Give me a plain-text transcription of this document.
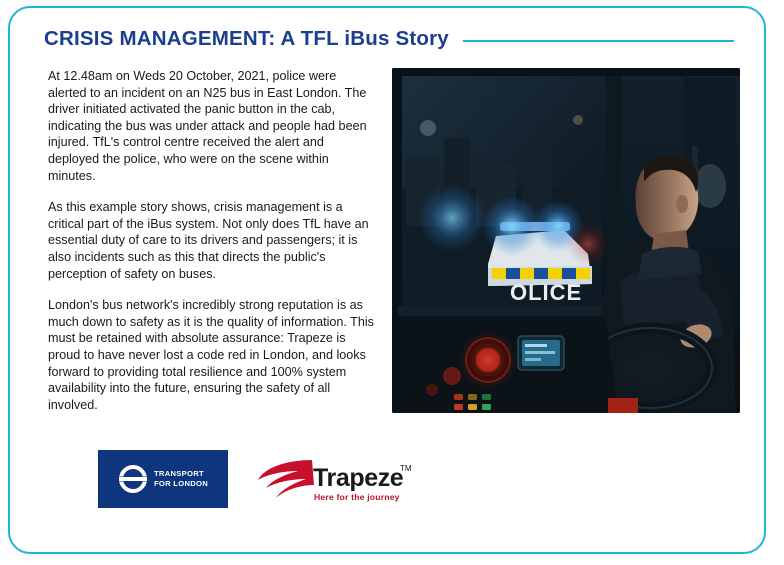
CRISIS MANAGEMENT: A TFL iBus Story

At 12.48am on Weds 20 October, 2021, police were alerted to an incident on an N25 bus in East London. The driver initiated activated the panic button in the cab, indicating the bus was under attack and people had been injured. TfL's control centre received the alert and deployed the police, who were on the scene within minutes.

As this example story shows, crisis management is a critical part of the iBus system. Not only does TfL have an essential duty of care to its drivers and passengers; it is also incidents such as this that directs the public's perception of safety on buses.

London's bus network's incredibly strong reputation is as much down to safety as it is the quality of information. This must be retained with absolute assurance: Trapeze is proud to have never lost a code red in London, and looks forward to providing total resilience and 100% system availability into the future, ensuring the safety of all involved.

OLICE
TRANSPORT
FOR LONDON	Trapeze
TM
Here for the journey
